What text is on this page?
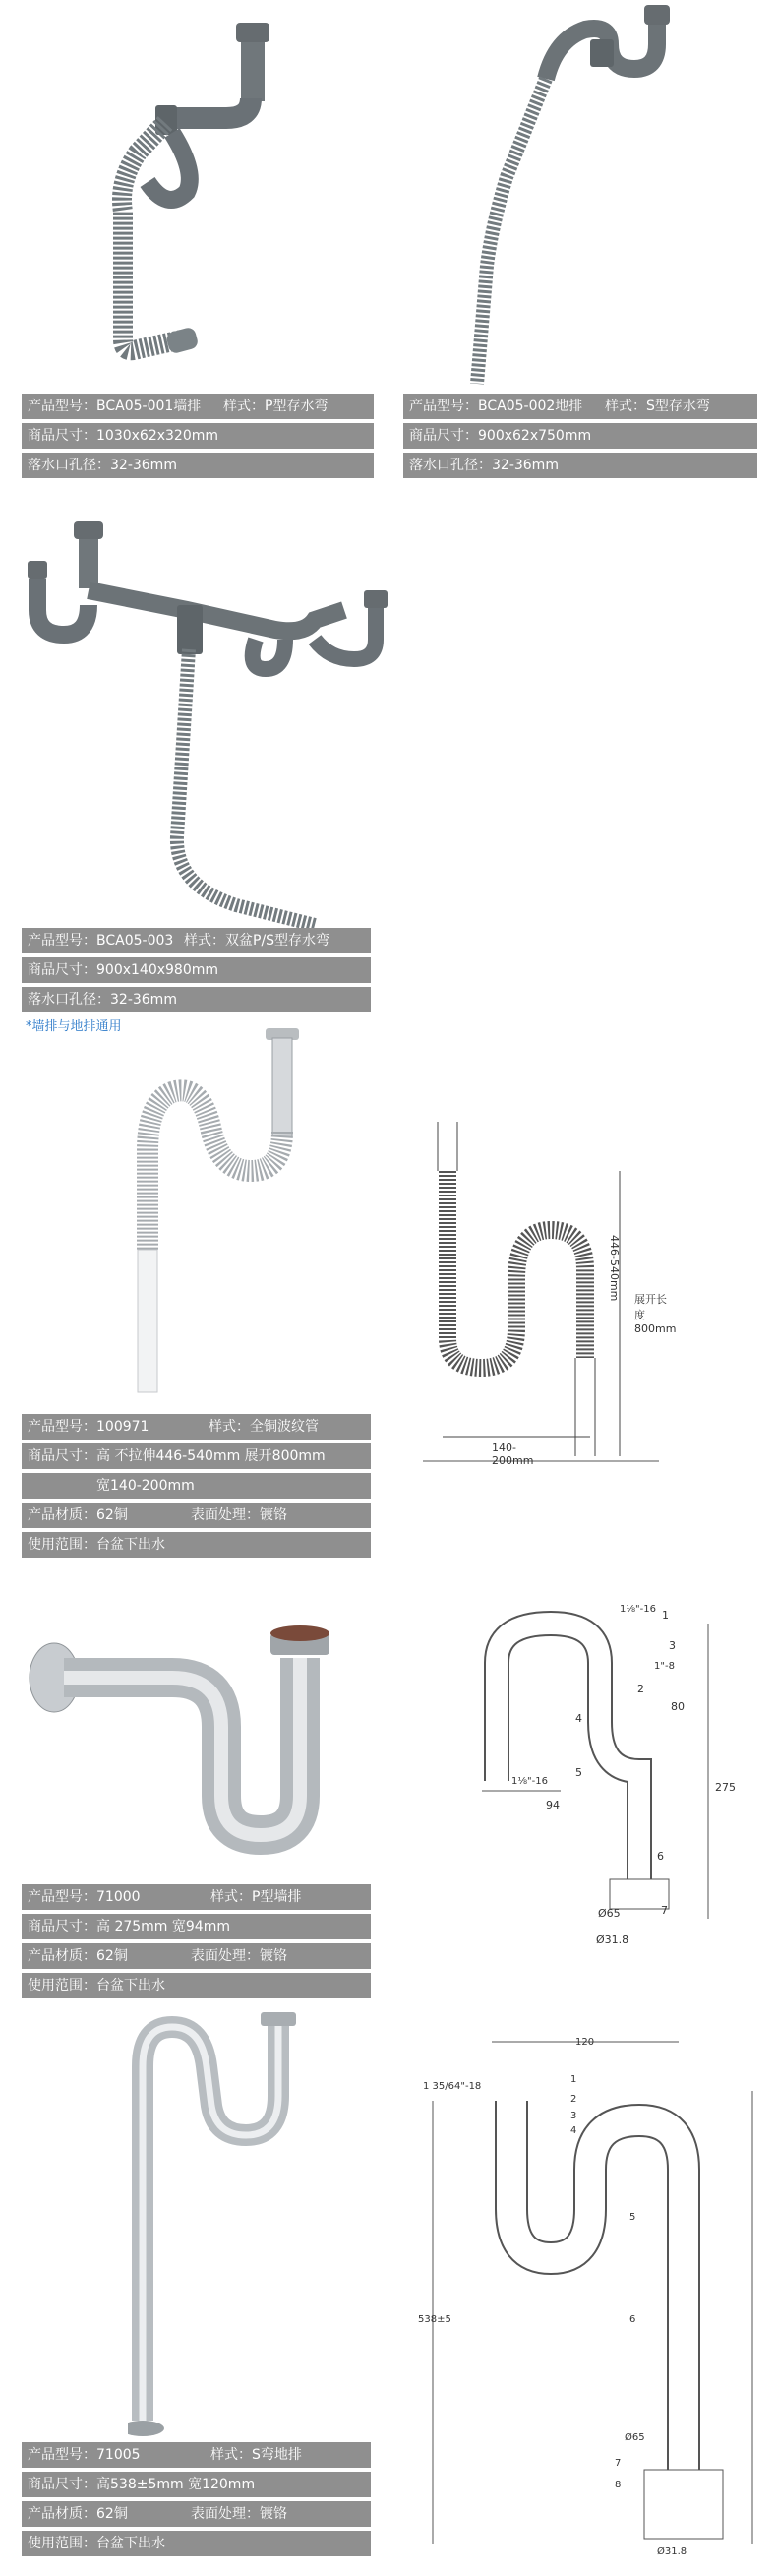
产品型号：BCA05-001墙排 样式：P型存水弯
商品尺寸：1030x62x320mm
落水口孔径：32-36mm
产品型号：BCA05-002地排 样式：S型存水弯
商品尺寸：900x62x750mm
落水口孔径：32-36mm
产品型号：BCA05-003 样式：双盆P/S型存水弯
商品尺寸：900x140x980mm
落水口孔径：32-36mm
*墙排与地排通用
446-540mm 展开长度800mm
140-200mm
产品型号：100971	样式：全铜波纹管
商品尺寸：高 不拉伸446-540mm 展开800mm
宽140-200mm
产品材质：62铜	表面处理：镀铬
使用范围：台盆下出水
275
94
80
Ø65
Ø31.8
1
2
3
4
5
6
7
1⅛"-16
1⅛"-16
1"-8
产品型号：71000	样式：P型墙排
商品尺寸：高 275mm 宽94mm
产品材质：62铜	表面处理：镀铬
使用范围：台盆下出水
120
538±5
1 35/64"-18
Ø65
Ø31.8
1
2
3
4
5
6
7
8
产品型号：71005	样式：S弯地排
商品尺寸：高538±5mm 宽120mm
产品材质：62铜	表面处理：镀铬
使用范围：台盆下出水
